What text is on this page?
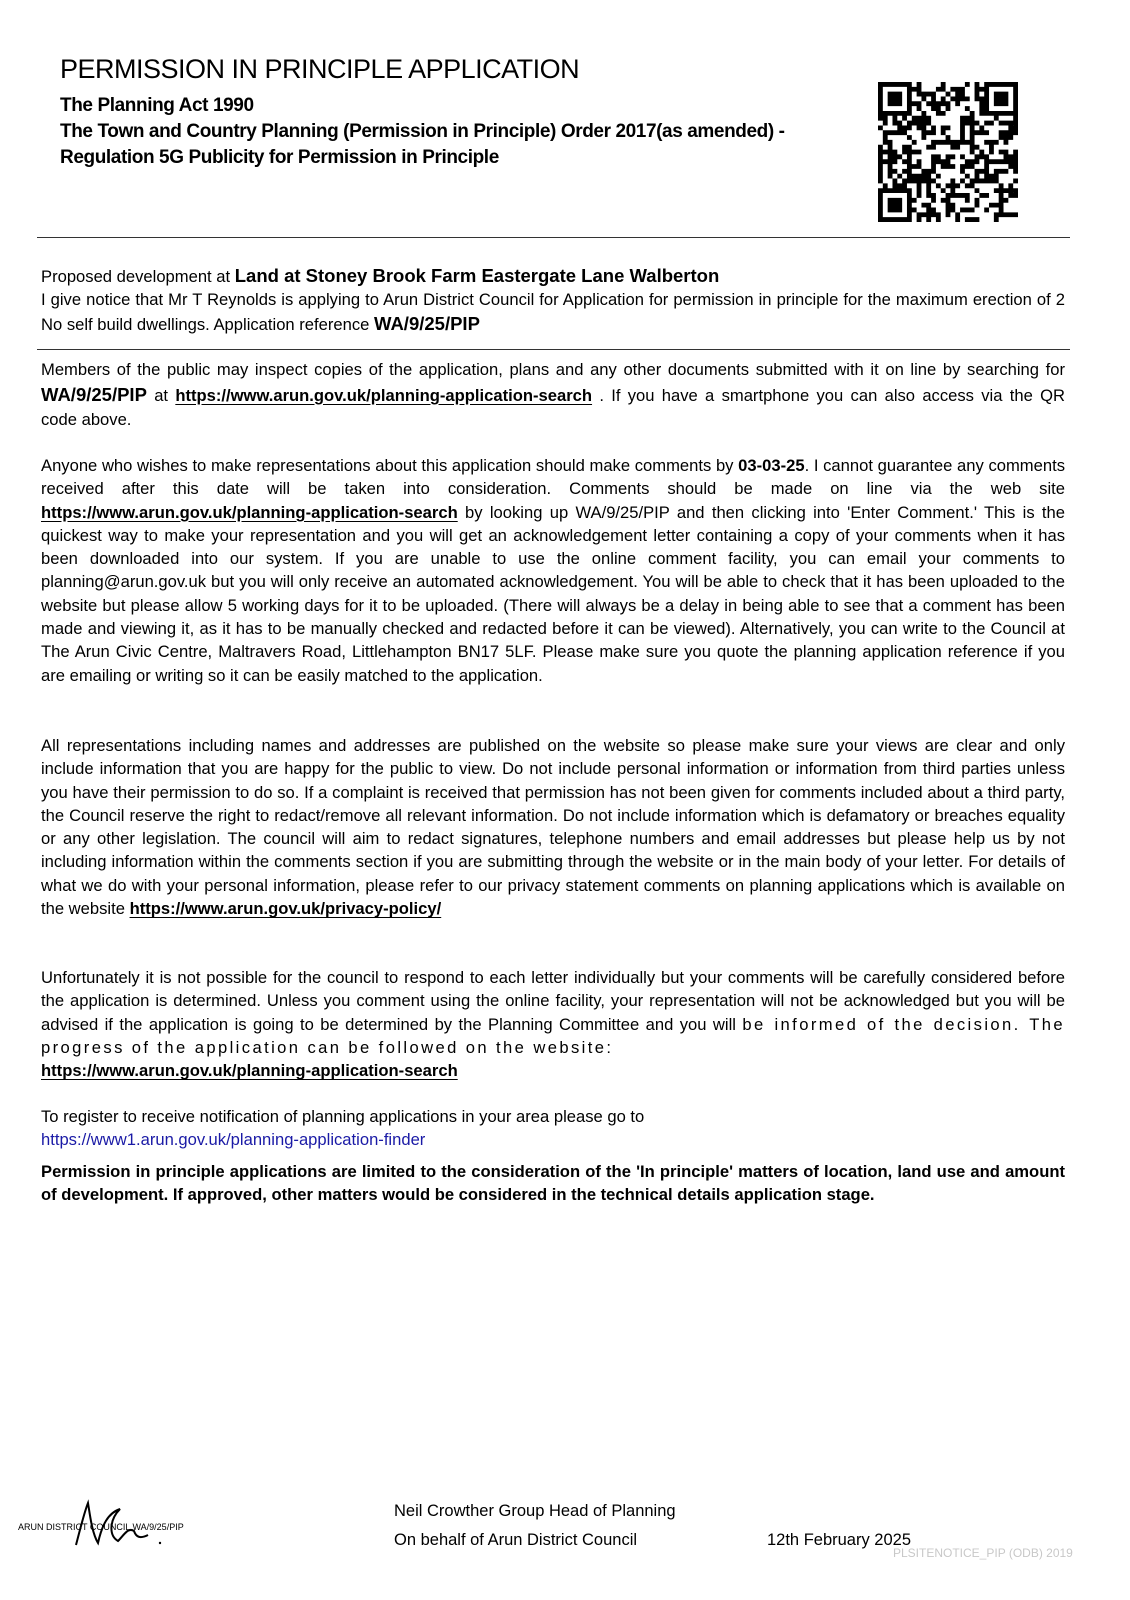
PERMISSION IN PRINCIPLE APPLICATION
The Planning Act 1990
The Town and Country Planning (Permission in Principle) Order 2017(as amended) -
Regulation 5G Publicity for Permission in Principle
Proposed development at Land at Stoney Brook Farm Eastergate Lane Walberton
I give notice that Mr T Reynolds is applying to Arun District Council for Application for permission in principle for the maximum erection of 2 No self build dwellings. Application reference WA/9/25/PIP
Members of the public may inspect copies of the application, plans and any other documents submitted with it on line by searching for WA/9/25/PIP at https://www.arun.gov.uk/planning-application-search . If you have a smartphone you can also access via the QR code above.
Anyone who wishes to make representations about this application should make comments by 03-03-25. I cannot guarantee any comments received after this date will be taken into consideration. Comments should be made on line via the web site https://www.arun.gov.uk/planning-application-search by looking up WA/9/25/PIP and then clicking into 'Enter Comment.' This is the quickest way to make your representation and you will get an acknowledgement letter containing a copy of your comments when it has been downloaded into our system. If you are unable to use the online comment facility, you can email your comments to planning@arun.gov.uk but you will only receive an automated acknowledgement. You will be able to check that it has been uploaded to the website but please allow 5 working days for it to be uploaded. (There will always be a delay in being able to see that a comment has been made and viewing it, as it has to be manually checked and redacted before it can be viewed). Alternatively, you can write to the Council at The Arun Civic Centre, Maltravers Road, Littlehampton BN17 5LF. Please make sure you quote the planning application reference if you are emailing or writing so it can be easily matched to the application.
All representations including names and addresses are published on the website so please make sure your views are clear and only include information that you are happy for the public to view. Do not include personal information or information from third parties unless you have their permission to do so. If a complaint is received that permission has not been given for comments included about a third party, the Council reserve the right to redact/remove all relevant information. Do not include information which is defamatory or breaches equality or any other legislation. The council will aim to redact signatures, telephone numbers and email addresses but please help us by not including information within the comments section if you are submitting through the website or in the main body of your letter. For details of what we do with your personal information, please refer to our privacy statement comments on planning applications which is available on the website https://www.arun.gov.uk/privacy-policy/
Unfortunately it is not possible for the council to respond to each letter individually but your comments will be carefully considered before the application is determined. Unless you comment using the online facility, your representation will not be acknowledged but you will be advised if the application is going to be determined by the Planning Committee and you will be informed of the decision. The progress of the application can be followed on the website:
https://www.arun.gov.uk/planning-application-search
To register to receive notification of planning applications in your area please go to
https://www1.arun.gov.uk/planning-application-finder
Permission in principle applications are limited to the consideration of the 'In principle' matters of location, land use and amount of development. If approved, other matters would be considered in the technical details application stage.
ARUN DISTRICT COUNCIL WA/9/25/PIP
Neil Crowther Group Head of Planning
On behalf of Arun District Council	12th February 2025
PLSITENOTICE_PIP (ODB) 2019
